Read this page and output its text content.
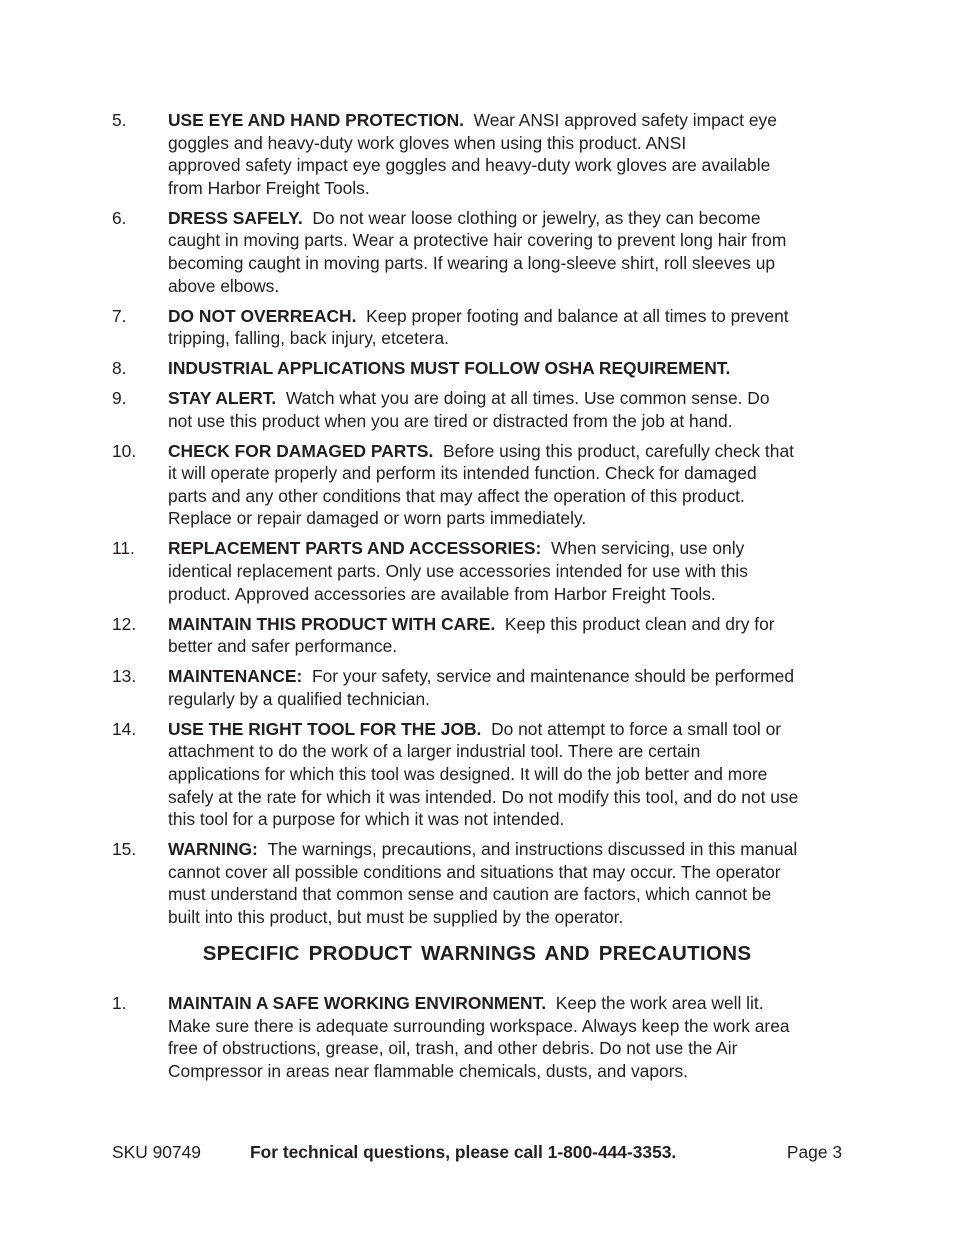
5. USE EYE AND HAND PROTECTION. Wear ANSI approved safety impact eye

goggles and heavy-duty work gloves when using this product. ANSI

approved safety impact eye goggles and heavy-duty work gloves are available

from Harbor Freight Tools.

6. DRESS SAFELY. Do not wear loose clothing or jewelry, as they can become

caught in moving parts. Wear a protective hair covering to prevent long hair from

becoming caught in moving parts. If wearing a long-sleeve shirt, roll sleeves up

above elbows.

7. DO NOT OVERREACH. Keep proper footing and balance at all times to prevent

tripping, falling, back injury, etcetera.

8. INDUSTRIAL APPLICATIONS MUST FOLLOW OSHA REQUIREMENT.

9. STAY ALERT. Watch what you are doing at all times. Use common sense. Do

not use this product when you are tired or distracted from the job at hand.

10. CHECK FOR DAMAGED PARTS. Before using this product, carefully check that

it will operate properly and perform its intended function. Check for damaged

parts and any other conditions that may affect the operation of this product.

Replace or repair damaged or worn parts immediately.

11. REPLACEMENT PARTS AND ACCESSORIES: When servicing, use only

identical replacement parts. Only use accessories intended for use with this

product. Approved accessories are available from Harbor Freight Tools.

12. MAINTAIN THIS PRODUCT WITH CARE. Keep this product clean and dry for

better and safer performance.

13. MAINTENANCE: For your safety, service and maintenance should be performed

regularly by a qualified technician.

14. USE THE RIGHT TOOL FOR THE JOB. Do not attempt to force a small tool or

attachment to do the work of a larger industrial tool. There are certain

applications for which this tool was designed. It will do the job better and more

safely at the rate for which it was intended. Do not modify this tool, and do not use

this tool for a purpose for which it was not intended.

15. WARNING: The warnings, precautions, and instructions discussed in this manual

cannot cover all possible conditions and situations that may occur. The operator

must understand that common sense and caution are factors, which cannot be

built into this product, but must be supplied by the operator.

SPECIFIC PRODUCT WARNINGS AND PRECAUTIONS
1. MAINTAIN A SAFE WORKING ENVIRONMENT. Keep the work area well lit.

Make sure there is adequate surrounding workspace. Always keep the work area

free of obstructions, grease, oil, trash, and other debris. Do not use the Air

Compressor in areas near flammable chemicals, dusts, and vapors.

SKU 90749	For technical questions, please call 1-800-444-3353.	Page 3
